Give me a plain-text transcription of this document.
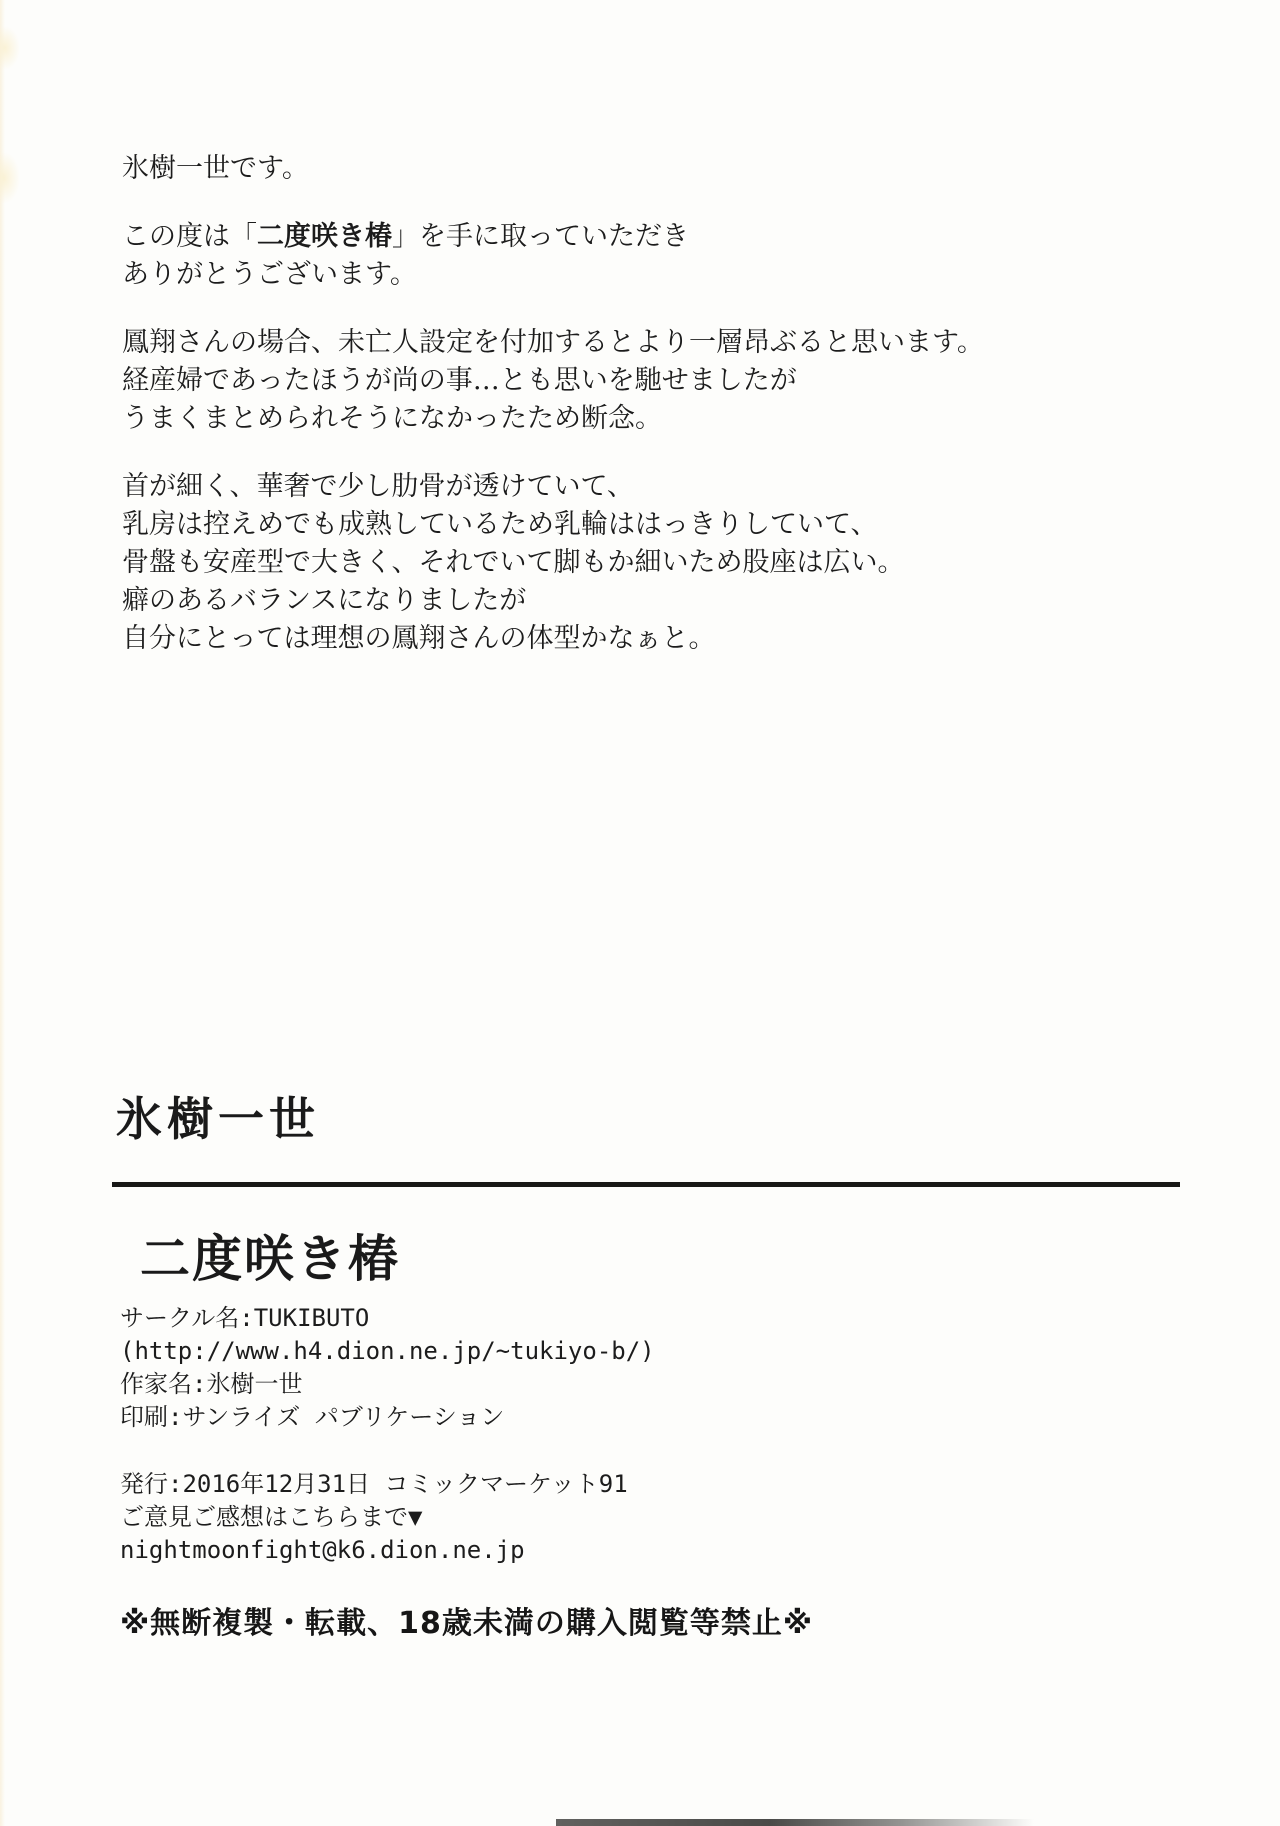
氷樹一世です。

この度は「二度咲き椿」を手に取っていただき
ありがとうございます。

鳳翔さんの場合、未亡人設定を付加するとより一層昂ぶると思います。
経産婦であったほうが尚の事…とも思いを馳せましたが
うまくまとめられそうになかったため断念。

首が細く、華奢で少し肋骨が透けていて、
乳房は控えめでも成熟しているため乳輪ははっきりしていて、
骨盤も安産型で大きく、それでいて脚もか細いため股座は広い。
癖のあるバランスになりましたが
自分にとっては理想の鳳翔さんの体型かなぁと。

氷樹一世
二度咲き椿
サークル名:TUKIBUTO
(http://www.h4.dion.ne.jp/~tukiyo-b/)
作家名:氷樹一世
印刷:サンライズ パブリケーション
発行:2016年12月31日 コミックマーケット91
ご意見ご感想はこちらまで▼
nightmoonfight@k6.dion.ne.jp

※無断複製・転載、18歳未満の購入閲覧等禁止※
